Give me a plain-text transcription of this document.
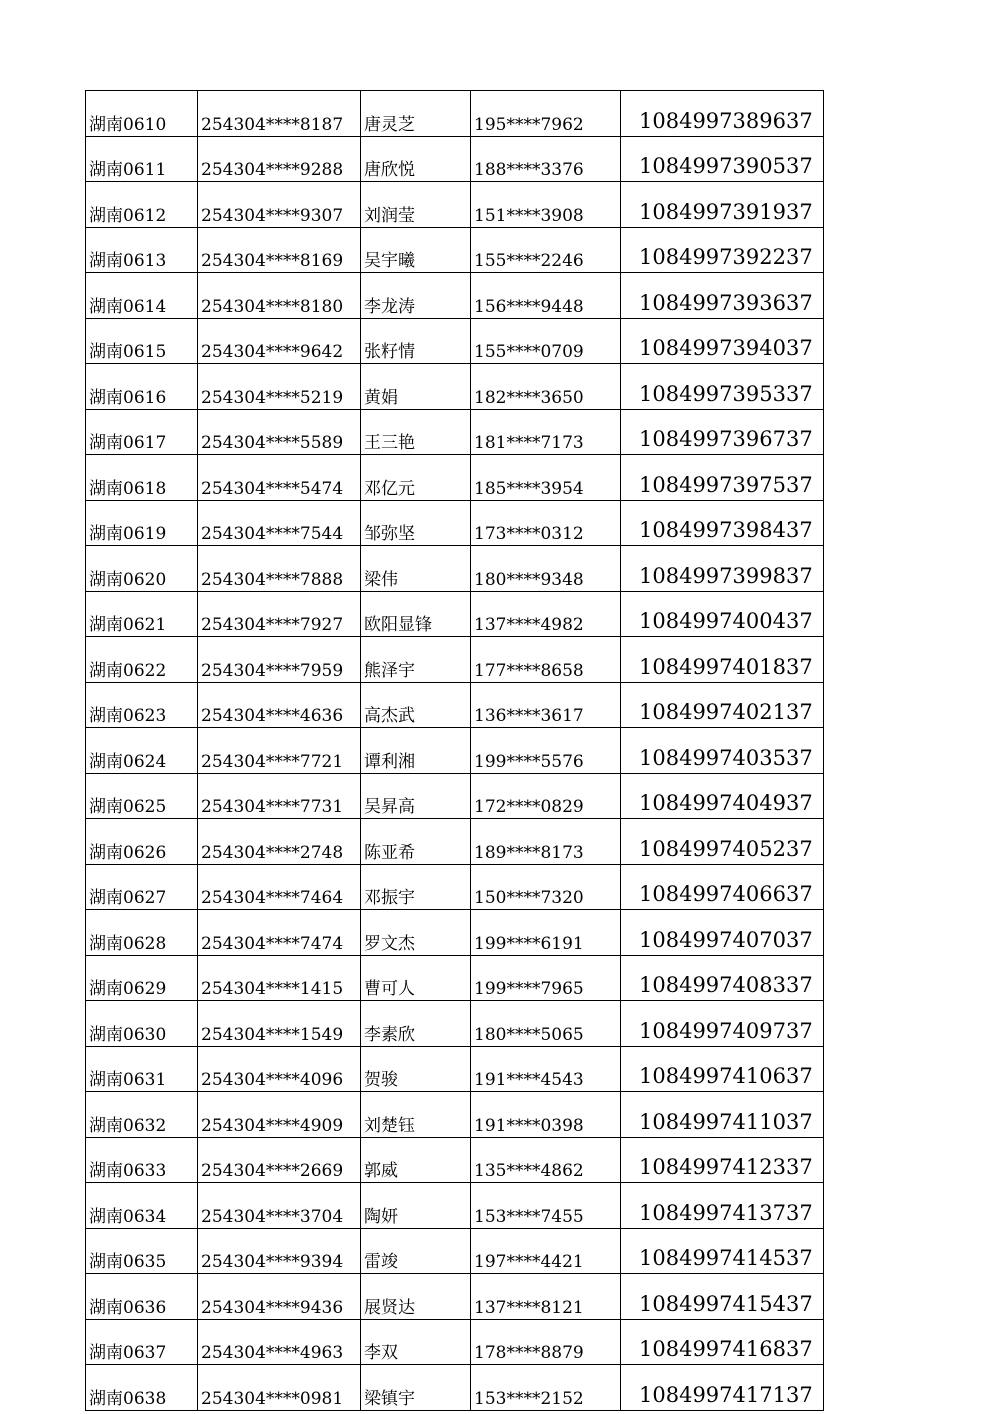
湖南0610	254304****8187	唐灵芝	195****7962	1084997389637
湖南0611	254304****9288	唐欣悦	188****3376	1084997390537
湖南0612	254304****9307	刘润莹	151****3908	1084997391937
湖南0613	254304****8169	吴宇曦	155****2246	1084997392237
湖南0614	254304****8180	李龙涛	156****9448	1084997393637
湖南0615	254304****9642	张籽情	155****0709	1084997394037
湖南0616	254304****5219	黄娟	182****3650	1084997395337
湖南0617	254304****5589	王三艳	181****7173	1084997396737
湖南0618	254304****5474	邓亿元	185****3954	1084997397537
湖南0619	254304****7544	邹弥坚	173****0312	1084997398437
湖南0620	254304****7888	梁伟	180****9348	1084997399837
湖南0621	254304****7927	欧阳显锋	137****4982	1084997400437
湖南0622	254304****7959	熊泽宇	177****8658	1084997401837
湖南0623	254304****4636	高杰武	136****3617	1084997402137
湖南0624	254304****7721	谭利湘	199****5576	1084997403537
湖南0625	254304****7731	吴昇高	172****0829	1084997404937
湖南0626	254304****2748	陈亚希	189****8173	1084997405237
湖南0627	254304****7464	邓振宇	150****7320	1084997406637
湖南0628	254304****7474	罗文杰	199****6191	1084997407037
湖南0629	254304****1415	曹可人	199****7965	1084997408337
湖南0630	254304****1549	李素欣	180****5065	1084997409737
湖南0631	254304****4096	贺骏	191****4543	1084997410637
湖南0632	254304****4909	刘楚钰	191****0398	1084997411037
湖南0633	254304****2669	郭威	135****4862	1084997412337
湖南0634	254304****3704	陶妍	153****7455	1084997413737
湖南0635	254304****9394	雷竣	197****4421	1084997414537
湖南0636	254304****9436	展贤达	137****8121	1084997415437
湖南0637	254304****4963	李双	178****8879	1084997416837
湖南0638	254304****0981	梁镇宇	153****2152	1084997417137
